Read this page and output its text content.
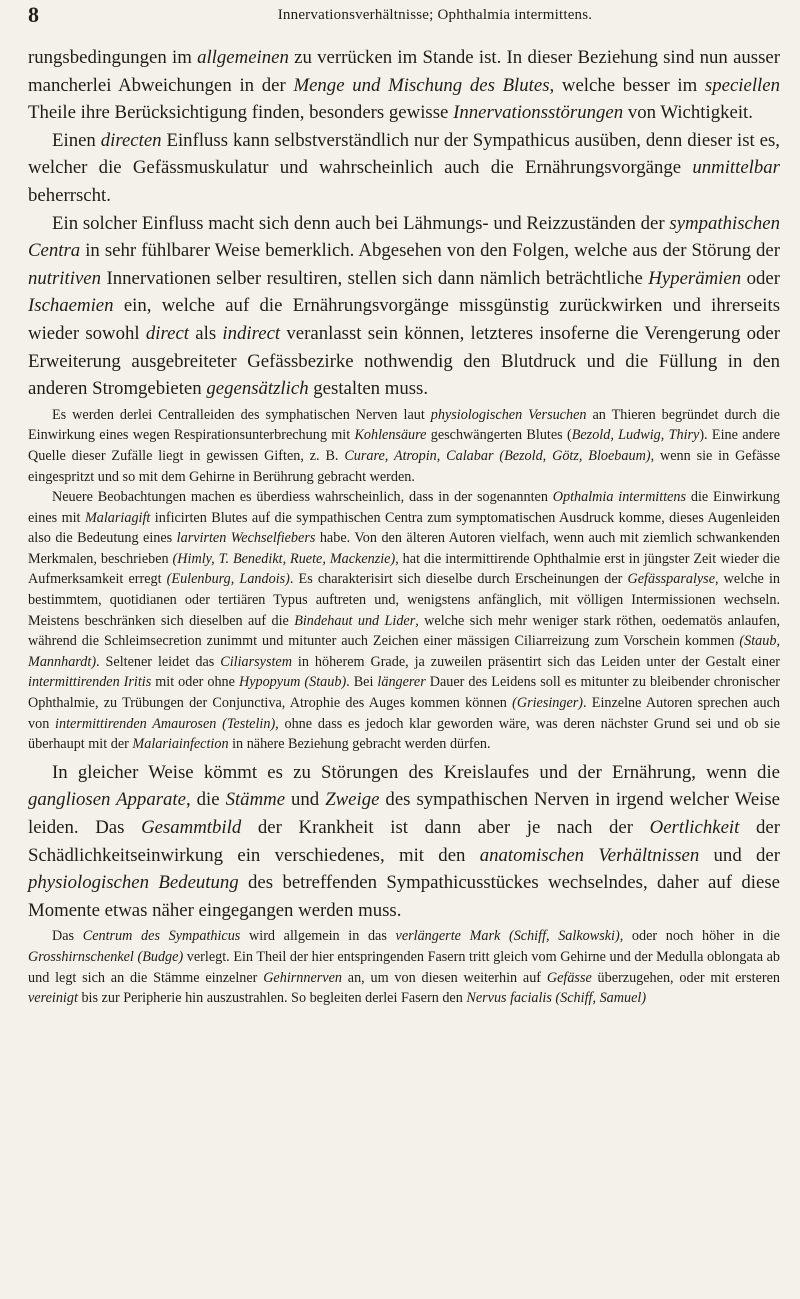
8	Innervationsverhältnisse; Ophthalmia intermittens.

rungsbedingungen im allgemeinen zu verrücken im Stande ist. In dieser Beziehung sind nun ausser mancherlei Abweichungen in der Menge und Mischung des Blutes, welche besser im speciellen Theile ihre Berücksichtigung finden, besonders gewisse Innervationsstörungen von Wichtigkeit.

Einen directen Einfluss kann selbstverständlich nur der Sympathicus ausüben, denn dieser ist es, welcher die Gefässmuskulatur und wahrscheinlich auch die Ernährungsvorgänge unmittelbar beherrscht.

Ein solcher Einfluss macht sich denn auch bei Lähmungs- und Reizzuständen der sympathischen Centra in sehr fühlbarer Weise bemerklich. Abgesehen von den Folgen, welche aus der Störung der nutritiven Innervationen selber resultiren, stellen sich dann nämlich beträchtliche Hyperämien oder Ischaemien ein, welche auf die Ernährungsvorgänge missgünstig zurückwirken und ihrerseits wieder sowohl direct als indirect veranlasst sein können, letzteres insoferne die Verengerung oder Erweiterung ausgebreiteter Gefässbezirke nothwendig den Blutdruck und die Füllung in den anderen Stromgebieten gegensätzlich gestalten muss.

Es werden derlei Centralleiden des symphatischen Nerven laut physiologischen Versuchen an Thieren begründet durch die Einwirkung eines wegen Respirationsunterbrechung mit Kohlensäure geschwängerten Blutes (Bezold, Ludwig, Thiry). Eine andere Quelle dieser Zufälle liegt in gewissen Giften, z. B. Curare, Atropin, Calabar (Bezold, Götz, Bloebaum), wenn sie in Gefässe eingespritzt und so mit dem Gehirne in Berührung gebracht werden.

Neuere Beobachtungen machen es überdiess wahrscheinlich, dass in der sogenannten Opthalmia intermittens die Einwirkung eines mit Malariagift inficirten Blutes auf die sympathischen Centra zum symptomatischen Ausdruck komme, dieses Augenleiden also die Bedeutung eines larvirten Wechselfiebers habe. Von den älteren Autoren vielfach, wenn auch mit ziemlich schwankenden Merkmalen, beschrieben (Himly, T. Benedikt, Ruete, Mackenzie), hat die intermittirende Ophthalmie erst in jüngster Zeit wieder die Aufmerksamkeit erregt (Eulenburg, Landois). Es charakterisirt sich dieselbe durch Erscheinungen der Gefässparalyse, welche in bestimmtem, quotidianen oder tertiären Typus auftreten und, wenigstens anfänglich, mit völligen Intermissionen wechseln. Meistens beschränken sich dieselben auf die Bindehaut und Lider, welche sich mehr weniger stark röthen, oedematös anlaufen, während die Schleimsecretion zunimmt und mitunter auch Zeichen einer mässigen Ciliarreizung zum Vorschein kommen (Staub, Mannhardt). Seltener leidet das Ciliarsystem in höherem Grade, ja zuweilen präsentirt sich das Leiden unter der Gestalt einer intermittirenden Iritis mit oder ohne Hypopyum (Staub). Bei längerer Dauer des Leidens soll es mitunter zu bleibender chronischer Ophthalmie, zu Trübungen der Conjunctiva, Atrophie des Auges kommen können (Griesinger). Einzelne Autoren sprechen auch von intermittirenden Amaurosen (Testelin), ohne dass es jedoch klar geworden wäre, was deren nächster Grund sei und ob sie überhaupt mit der Malariainfection in nähere Beziehung gebracht werden dürfen.

In gleicher Weise kömmt es zu Störungen des Kreislaufes und der Ernährung, wenn die gangliosen Apparate, die Stämme und Zweige des sympathischen Nerven in irgend welcher Weise leiden. Das Gesammtbild der Krankheit ist dann aber je nach der Oertlichkeit der Schädlichkeitseinwirkung ein verschiedenes, mit den anatomischen Verhältnissen und der physiologischen Bedeutung des betreffenden Sympathicusstückes wechselndes, daher auf diese Momente etwas näher eingegangen werden muss.

Das Centrum des Sympathicus wird allgemein in das verlängerte Mark (Schiff, Salkowski), oder noch höher in die Grosshirnschenkel (Budge) verlegt. Ein Theil der hier entspringenden Fasern tritt gleich vom Gehirne und der Medulla oblongata ab und legt sich an die Stämme einzelner Gehirnnerven an, um von diesen weiterhin auf Gefässe überzugehen, oder mit ersteren vereinigt bis zur Peripherie hin auszustrahlen. So begleiten derlei Fasern den Nervus facialis (Schiff, Samuel)
